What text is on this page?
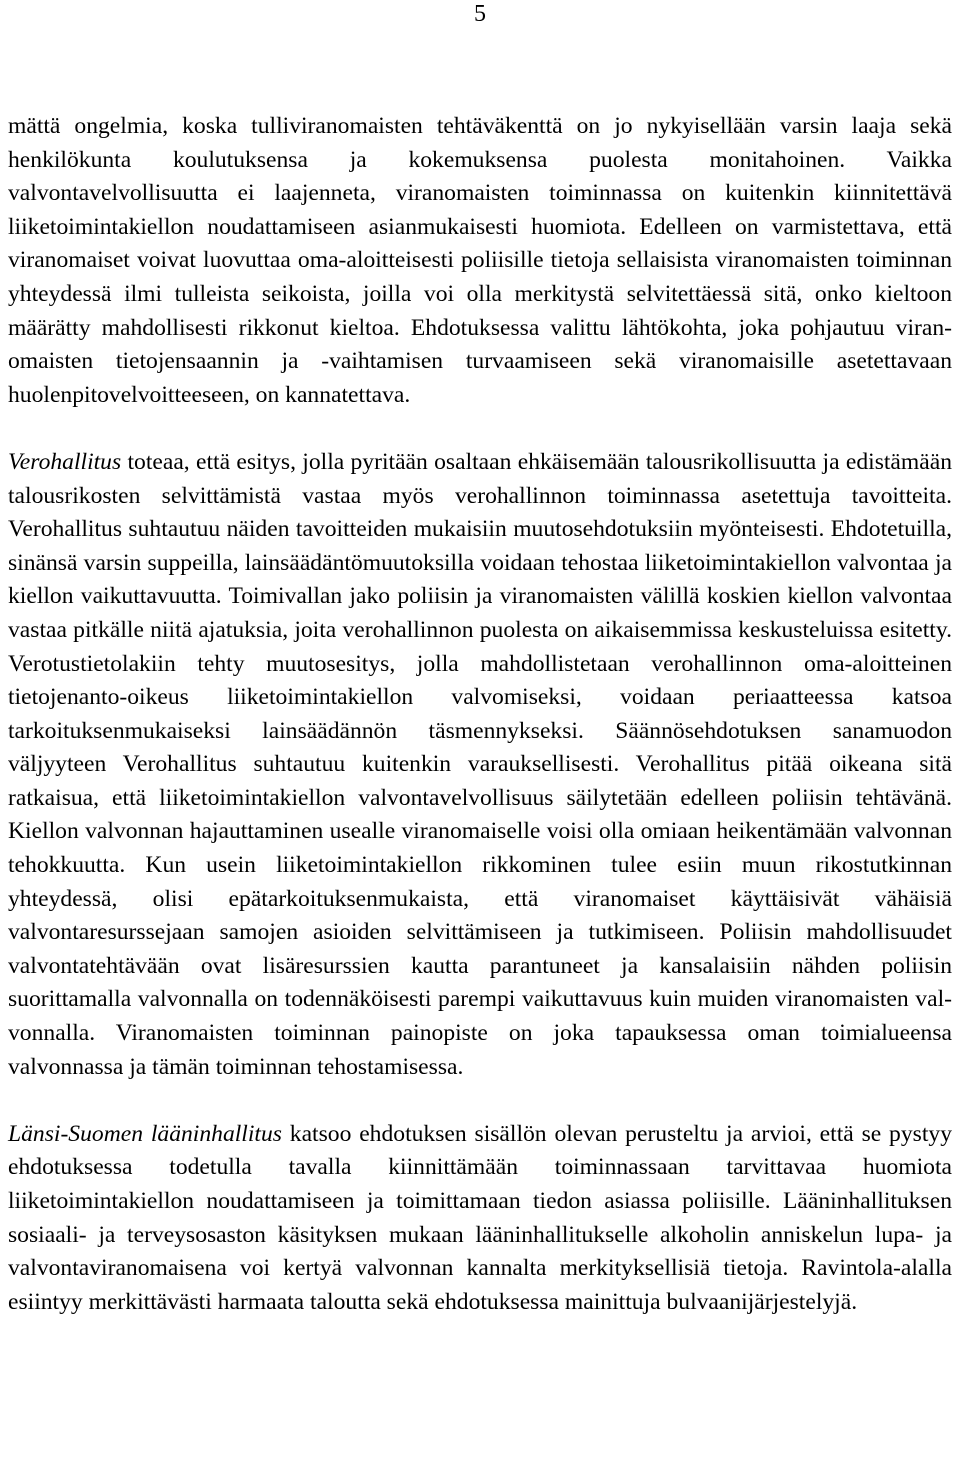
5

mättä ongelmia, koska tulliviranomaisten tehtäväkenttä on jo nykyisellään varsin laaja sekä henkilökunta koulutuksensa ja kokemuksensa puolesta monitahoinen. Vaikka valvontavelvollisuutta ei laajenneta, viranomaisten toiminnassa on kuitenkin kiinnitettävä liiketoimintakiellon noudattamiseen asianmukaisesti huomiota. Edelleen on varmistettava, että viranomaiset voivat luovuttaa oma-aloitteisesti poliisille tietoja sellaisista viranomaisten toiminnan yhteydessä ilmi tulleista seikoista, joilla voi olla merkitystä selvitettäessä sitä, onko kieltoon määrätty mahdollisesti rikkonut kieltoa. Ehdotuksessa valittu lähtökohta, joka pohjautuu viranomaisten tietojensaannin ja -vaihtamisen turvaamiseen sekä viranomaisille asetettavaan huolenpitovelvoitteeseen, on kannatettava.

Verohallitus toteaa, että esitys, jolla pyritään osaltaan ehkäisemään talousrikollisuutta ja edistämään talousrikosten selvittämistä vastaa myös verohallinnon toiminnassa asetettuja tavoitteita. Verohallitus suhtautuu näiden tavoitteiden mukaisiin muutosehdotuksiin myönteisesti. Ehdotetuilla, sinänsä varsin suppeilla, lainsäädäntömuutoksilla voidaan tehostaa liiketoimintakiellon valvontaa ja kiellon vaikuttavuutta. Toimivallan jako poliisin ja viranomaisten välillä koskien kiellon valvontaa vastaa pitkälle niitä ajatuksia, joita verohallinnon puolesta on aikaisemmissa keskusteluissa esitetty. Verotustietolakiin tehty muutosesitys, jolla mahdollistetaan verohallinnon oma-aloitteinen tietojenanto-oikeus liiketoimintakiellon valvomiseksi, voidaan periaatteessa katsoa tarkoituksenmukaiseksi lainsäädännön täsmennykseksi. Säännösehdotuksen sanamuodon väljyyteen Verohallitus suhtautuu kuitenkin varauksellisesti. Verohallitus pitää oikeana sitä ratkaisua, että liiketoimintakiellon valvontavelvollisuus säilytetään edelleen poliisin tehtävänä. Kiellon valvonnan hajauttaminen usealle viranomaiselle voisi olla omiaan heikentämään valvonnan tehokkuutta. Kun usein liiketoimintakiellon rikkominen tulee esiin muun rikostutkinnan yhteydessä, olisi epätarkoituksenmukaista, että viranomaiset käyttäisivät vähäisiä valvontaresurssejaan samojen asioiden selvittämiseen ja tutkimiseen. Poliisin mahdollisuudet valvontatehtävään ovat lisäresurssien kautta parantuneet ja kansalaisiin nähden poliisin suorittamalla valvonnalla on todennäköisesti parempi vaikuttavuus kuin muiden viranomaisten valvonnalla. Viranomaisten toiminnan painopiste on joka tapauksessa oman toimialueensa valvonnassa ja tämän toiminnan tehostamisessa.

Länsi-Suomen lääninhallitus katsoo ehdotuksen sisällön olevan perusteltu ja arvioi, että se pystyy ehdotuksessa todetulla tavalla kiinnittämään toiminnassaan tarvittavaa huomiota liiketoimintakiellon noudattamiseen ja toimittamaan tiedon asiassa poliisille. Lääninhallituksen sosiaali- ja terveysosaston käsityksen mukaan lääninhallitukselle alkoholin anniskelun lupa- ja valvontaviranomaisena voi kertyä valvonnan kannalta merkityksellisiä tietoja. Ravintola-alalla esiintyy merkittävästi harmaata taloutta sekä ehdotuksessa mainittuja bulvaanijärjestelyjä.
